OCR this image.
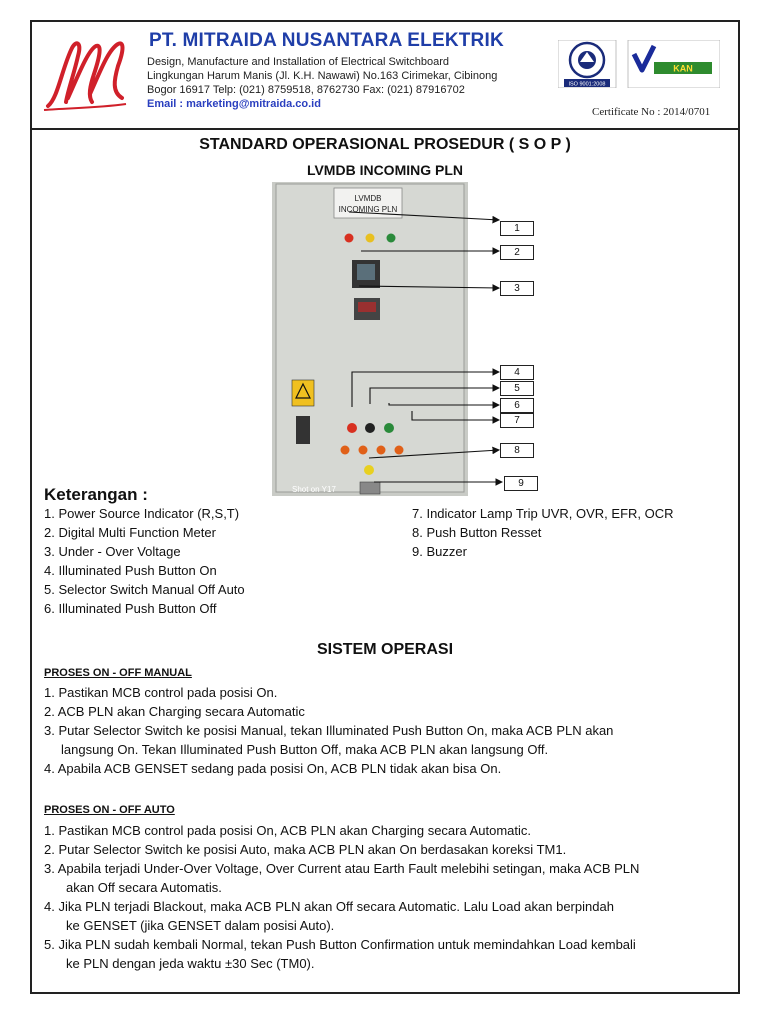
PT. MITRAIDA NUSANTARA ELEKTRIK
Design, Manufacture and Installation of Electrical Switchboard
Lingkungan Harum Manis (Jl. K.H. Nawawi) No.163 Cirimekar, Cibinong
Bogor 16917 Telp: (021) 8759518, 8762730 Fax: (021) 87916702
Email : marketing@mitraida.co.id
ISO 9001:2008
KAN
Certificate No : 2014/0701
STANDARD OPERASIONAL PROSEDUR ( S O P )
LVMDB INCOMING PLN
LVMDB
INCOMING PLN
Shot on Y17
1
2
3
4
5
6
7
8
9
Keterangan :
1. Power Source Indicator (R,S,T)
2. Digital Multi Function Meter
3. Under - Over Voltage
4. Illuminated Push Button On
5. Selector Switch Manual Off Auto
6. Illuminated Push Button Off
7. Indicator Lamp Trip UVR, OVR, EFR, OCR
8. Push Button Resset
9. Buzzer
SISTEM OPERASI
PROSES ON - OFF MANUAL
1. Pastikan MCB control pada posisi On.
2. ACB PLN akan Charging secara Automatic
3. Putar Selector Switch ke posisi Manual, tekan Illuminated Push Button On, maka ACB PLN akan
langsung On. Tekan Illuminated Push Button Off, maka ACB PLN akan langsung Off.
4. Apabila ACB GENSET sedang pada posisi On, ACB PLN tidak akan bisa On.
PROSES ON - OFF AUTO
1. Pastikan MCB control pada posisi On, ACB PLN akan Charging secara Automatic.
2. Putar Selector Switch ke posisi Auto, maka ACB PLN akan On berdasakan koreksi TM1.
3. Apabila terjadi Under-Over Voltage, Over Current atau Earth Fault melebihi setingan, maka ACB PLN
akan Off secara Automatis.
4. Jika PLN terjadi Blackout, maka ACB PLN akan Off secara Automatic. Lalu Load akan berpindah
ke GENSET (jika GENSET dalam posisi Auto).
5. Jika PLN sudah kembali Normal, tekan Push Button Confirmation untuk memindahkan Load kembali
ke PLN dengan jeda waktu ±30 Sec (TM0).
